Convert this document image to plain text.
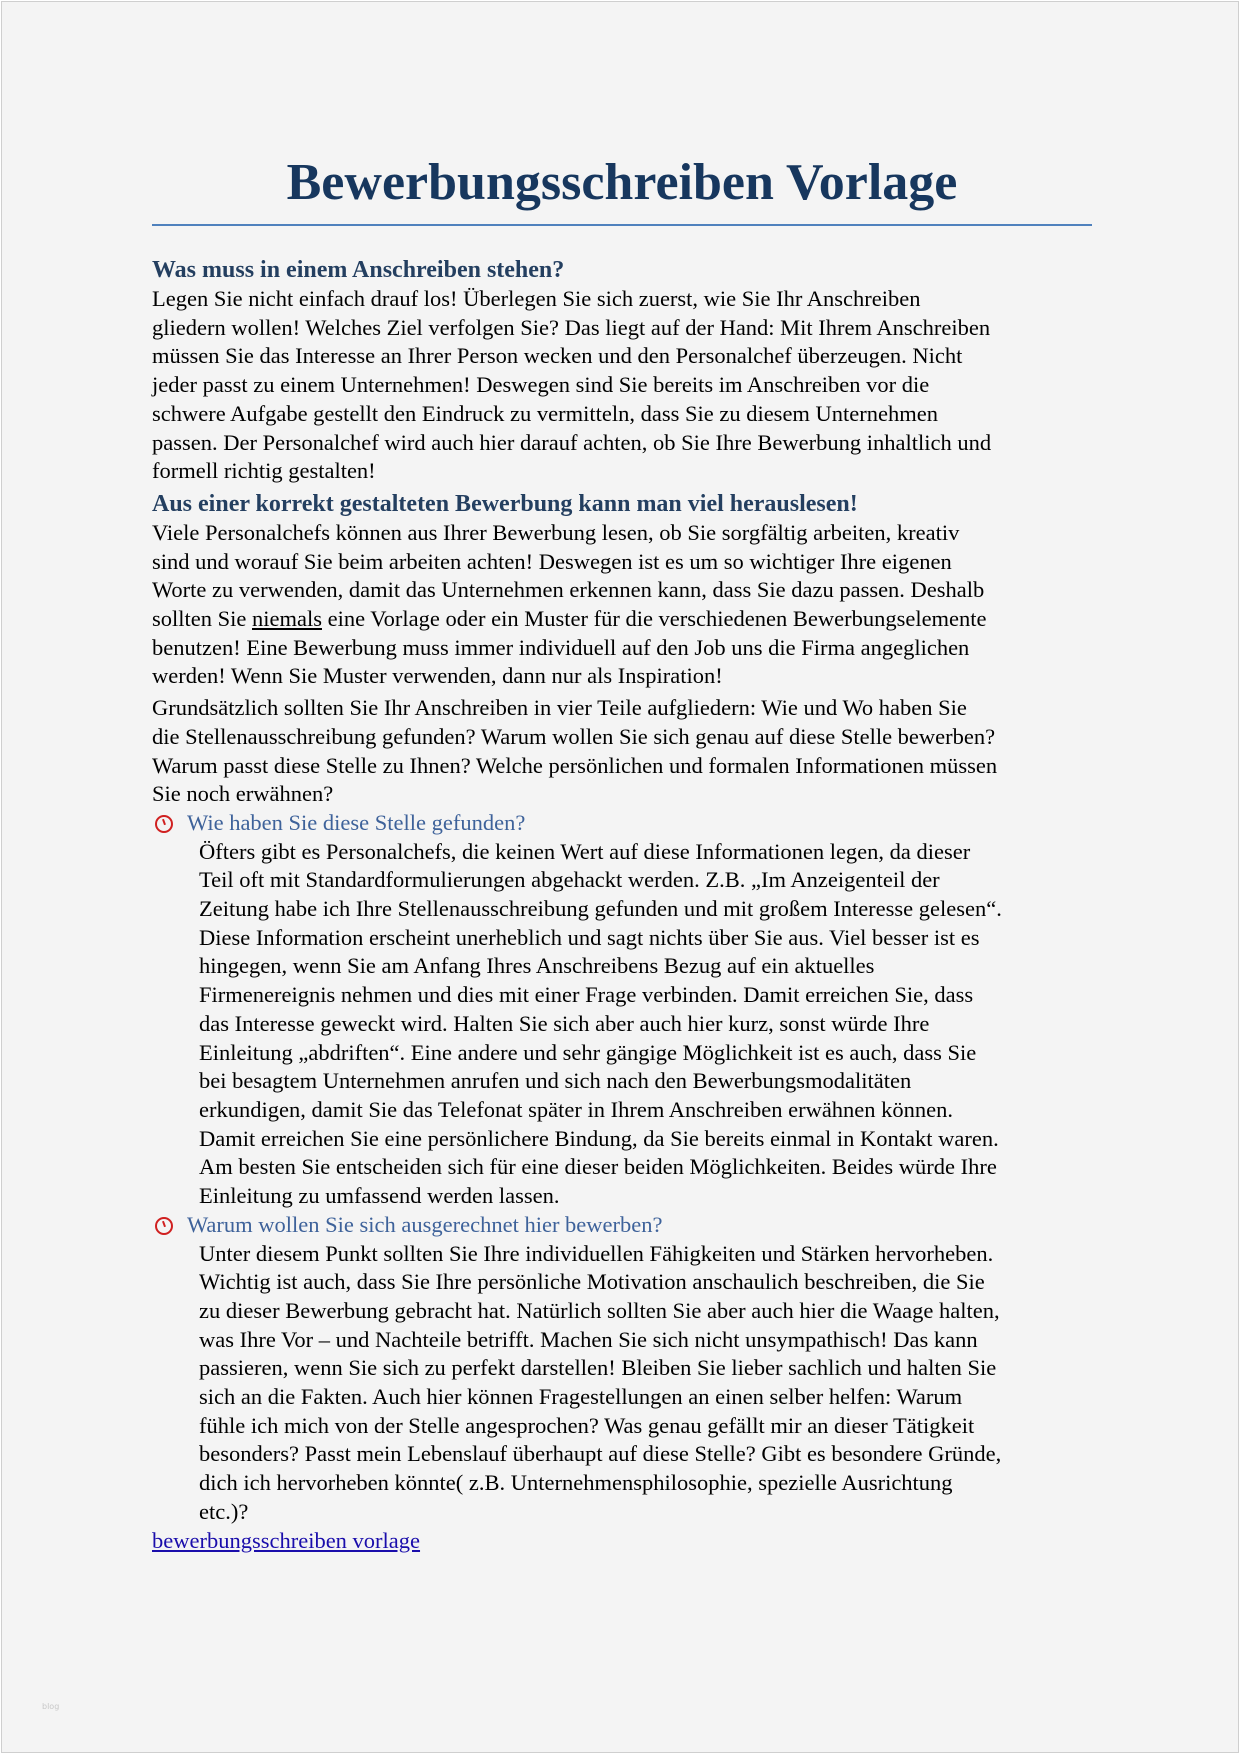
Bewerbungsschreiben Vorlage
Was muss in einem Anschreiben stehen?
Legen Sie nicht einfach drauf los! Überlegen Sie sich zuerst, wie Sie Ihr Anschreiben
gliedern wollen! Welches Ziel verfolgen Sie? Das liegt auf der Hand: Mit Ihrem Anschreiben
müssen Sie das Interesse an Ihrer Person wecken und den Personalchef überzeugen. Nicht
jeder passt zu einem Unternehmen! Deswegen sind Sie bereits im Anschreiben vor die
schwere Aufgabe gestellt den Eindruck zu vermitteln, dass Sie zu diesem Unternehmen
passen. Der Personalchef wird auch hier darauf achten, ob Sie Ihre Bewerbung inhaltlich und
formell richtig gestalten!
Aus einer korrekt gestalteten Bewerbung kann man viel herauslesen!
Viele Personalchefs können aus Ihrer Bewerbung lesen, ob Sie sorgfältig arbeiten, kreativ
sind und worauf Sie beim arbeiten achten! Deswegen ist es um so wichtiger Ihre eigenen
Worte zu verwenden, damit das Unternehmen erkennen kann, dass Sie dazu passen. Deshalb
sollten Sie niemals eine Vorlage oder ein Muster für die verschiedenen Bewerbungselemente
benutzen! Eine Bewerbung muss immer individuell auf den Job uns die Firma angeglichen
werden! Wenn Sie Muster verwenden, dann nur als Inspiration!
Grundsätzlich sollten Sie Ihr Anschreiben in vier Teile aufgliedern: Wie und Wo haben Sie
die Stellenausschreibung gefunden? Warum wollen Sie sich genau auf diese Stelle bewerben?
Warum passt diese Stelle zu Ihnen? Welche persönlichen und formalen Informationen müssen
Sie noch erwähnen?
Wie haben Sie diese Stelle gefunden?
Öfters gibt es Personalchefs, die keinen Wert auf diese Informationen legen, da dieser
Teil oft mit Standardformulierungen abgehackt werden. Z.B. „Im Anzeigenteil der
Zeitung habe ich Ihre Stellenausschreibung gefunden und mit großem Interesse gelesen“.
Diese Information erscheint unerheblich und sagt nichts über Sie aus. Viel besser ist es
hingegen, wenn Sie am Anfang Ihres Anschreibens Bezug auf ein aktuelles
Firmenereignis nehmen und dies mit einer Frage verbinden. Damit erreichen Sie, dass
das Interesse geweckt wird. Halten Sie sich aber auch hier kurz, sonst würde Ihre
Einleitung „abdriften“. Eine andere und sehr gängige Möglichkeit ist es auch, dass Sie
bei besagtem Unternehmen anrufen und sich nach den Bewerbungsmodalitäten
erkundigen, damit Sie das Telefonat später in Ihrem Anschreiben erwähnen können.
Damit erreichen Sie eine persönlichere Bindung, da Sie bereits einmal in Kontakt waren.
Am besten Sie entscheiden sich für eine dieser beiden Möglichkeiten. Beides würde Ihre
Einleitung zu umfassend werden lassen.
Warum wollen Sie sich ausgerechnet hier bewerben?
Unter diesem Punkt sollten Sie Ihre individuellen Fähigkeiten und Stärken hervorheben.
Wichtig ist auch, dass Sie Ihre persönliche Motivation anschaulich beschreiben, die Sie
zu dieser Bewerbung gebracht hat. Natürlich sollten Sie aber auch hier die Waage halten,
was Ihre Vor – und Nachteile betrifft. Machen Sie sich nicht unsympathisch! Das kann
passieren, wenn Sie sich zu perfekt darstellen! Bleiben Sie lieber sachlich und halten Sie
sich an die Fakten. Auch hier können Fragestellungen an einen selber helfen: Warum
fühle ich mich von der Stelle angesprochen? Was genau gefällt mir an dieser Tätigkeit
besonders? Passt mein Lebenslauf überhaupt auf diese Stelle? Gibt es besondere Gründe,
dich ich hervorheben könnte( z.B. Unternehmensphilosophie, spezielle Ausrichtung
etc.)?
bewerbungsschreiben vorlage
blog
